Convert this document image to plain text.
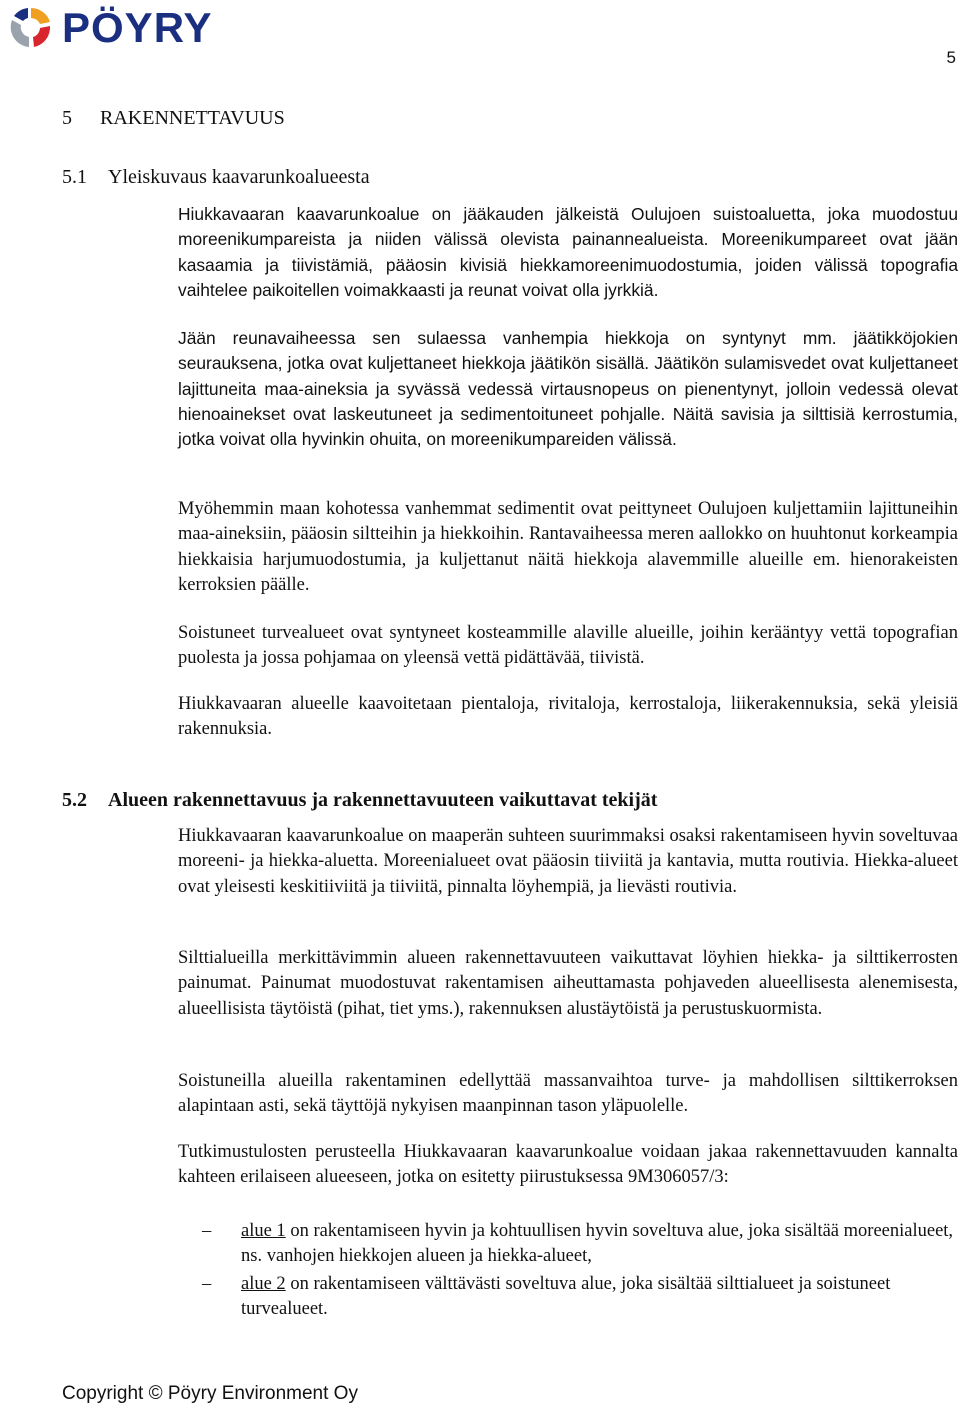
PÖYRY
5
5 RAKENNETTAVUUS
5.1 Yleiskuvaus kaavarunkoalueesta

Hiukkavaaran kaavarunkoalue on jääkauden jälkeistä Oulujoen suistoaluetta, joka muodostuu moreenikumpareista ja niiden välissä olevista painannealueista. Moreenikumpareet ovat jään kasaamia ja tiivistämiä, pääosin kivisiä hiekkamoreenimuodostumia, joiden välissä topografia vaihtelee paikoitellen voimakkaasti ja reunat voivat olla jyrkkiä.

Jään reunavaiheessa sen sulaessa vanhempia hiekkoja on syntynyt mm. jäätikköjokien seurauksena, jotka ovat kuljettaneet hiekkoja jäätikön sisällä. Jäätikön sulamisvedet ovat kuljettaneet lajittuneita maa-aineksia ja syvässä vedessä virtausnopeus on pienentynyt, jolloin vedessä olevat hienoainekset ovat laskeutuneet ja sedimentoituneet pohjalle. Näitä savisia ja silttisiä kerrostumia, jotka voivat olla hyvinkin ohuita, on moreenikumpareiden välissä.

Myöhemmin maan kohotessa vanhemmat sedimentit ovat peittyneet Oulujoen kuljettamiin lajittuneihin maa-aineksiin, pääosin siltteihin ja hiekkoihin. Rantavaiheessa meren aallokko on huuhtonut korkeampia hiekkaisia harjumuodostumia, ja kuljettanut näitä hiekkoja alavemmille alueille em. hienorakeisten kerroksien päälle.

Soistuneet turvealueet ovat syntyneet kosteammille alaville alueille, joihin kerääntyy vettä topografian puolesta ja jossa pohjamaa on yleensä vettä pidättävää, tiivistä.

Hiukkavaaran alueelle kaavoitetaan pientaloja, rivitaloja, kerrostaloja, liikerakennuksia, sekä yleisiä rakennuksia.

5.2 Alueen rakennettavuus ja rakennettavuuteen vaikuttavat tekijät

Hiukkavaaran kaavarunkoalue on maaperän suhteen suurimmaksi osaksi rakentamiseen hyvin soveltuvaa moreeni- ja hiekka-aluetta. Moreenialueet ovat pääosin tiiviitä ja kantavia, mutta routivia. Hiekka-alueet ovat yleisesti keskitiiviitä ja tiiviitä, pinnalta löyhempiä, ja lievästi routivia.

Silttialueilla merkittävimmin alueen rakennettavuuteen vaikuttavat löyhien hiekka- ja silttikerrosten painumat. Painumat muodostuvat rakentamisen aiheuttamasta pohjaveden alueellisesta alenemisesta, alueellisista täytöistä (pihat, tiet yms.), rakennuksen alustäytöistä ja perustuskuormista.

Soistuneilla alueilla rakentaminen edellyttää massanvaihtoa turve- ja mahdollisen silttikerroksen alapintaan asti, sekä täyttöjä nykyisen maanpinnan tason yläpuolelle.

Tutkimustulosten perusteella Hiukkavaaran kaavarunkoalue voidaan jakaa rakennettavuuden kannalta kahteen erilaiseen alueeseen, jotka on esitetty piirustuksessa 9M306057/3:

– alue 1 on rakentamiseen hyvin ja kohtuullisen hyvin soveltuva alue, joka sisältää moreenialueet, ns. vanhojen hiekkojen alueen ja hiekka-alueet,
– alue 2 on rakentamiseen välttävästi soveltuva alue, joka sisältää silttialueet ja soistuneet turvealueet.
Copyright © Pöyry Environment Oy
